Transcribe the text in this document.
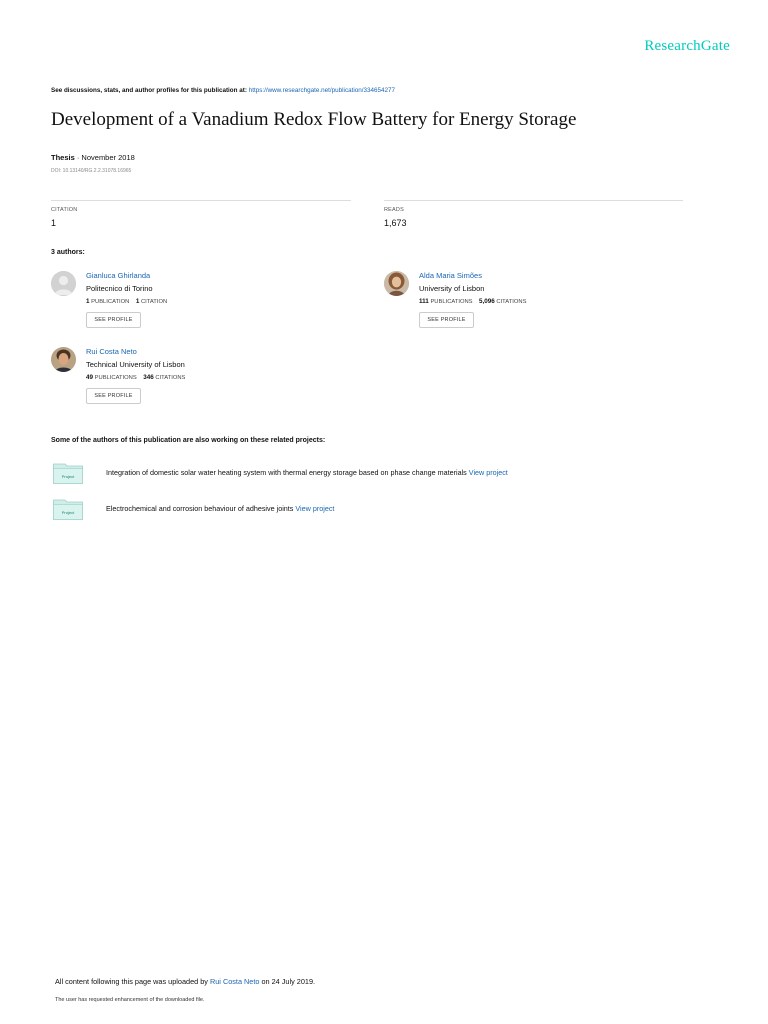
ResearchGate
See discussions, stats, and author profiles for this publication at: https://www.researchgate.net/publication/334654277
Development of a Vanadium Redox Flow Battery for Energy Storage
Thesis · November 2018
DOI: 10.13140/RG.2.2.31078.16965
CITATION
1
READS
1,673
3 authors:
Gianluca Ghirlanda
Politecnico di Torino
1 PUBLICATION 1 CITATION
SEE PROFILE
Alda Maria Simões
University of Lisbon
111 PUBLICATIONS 5,096 CITATIONS
SEE PROFILE
Rui Costa Neto
Technical University of Lisbon
49 PUBLICATIONS 346 CITATIONS
SEE PROFILE
Some of the authors of this publication are also working on these related projects:
Project	Integration of domestic solar water heating system with thermal energy storage based on phase change materials View project
Project	Electrochemical and corrosion behaviour of adhesive joints View project
All content following this page was uploaded by Rui Costa Neto on 24 July 2019.
The user has requested enhancement of the downloaded file.
